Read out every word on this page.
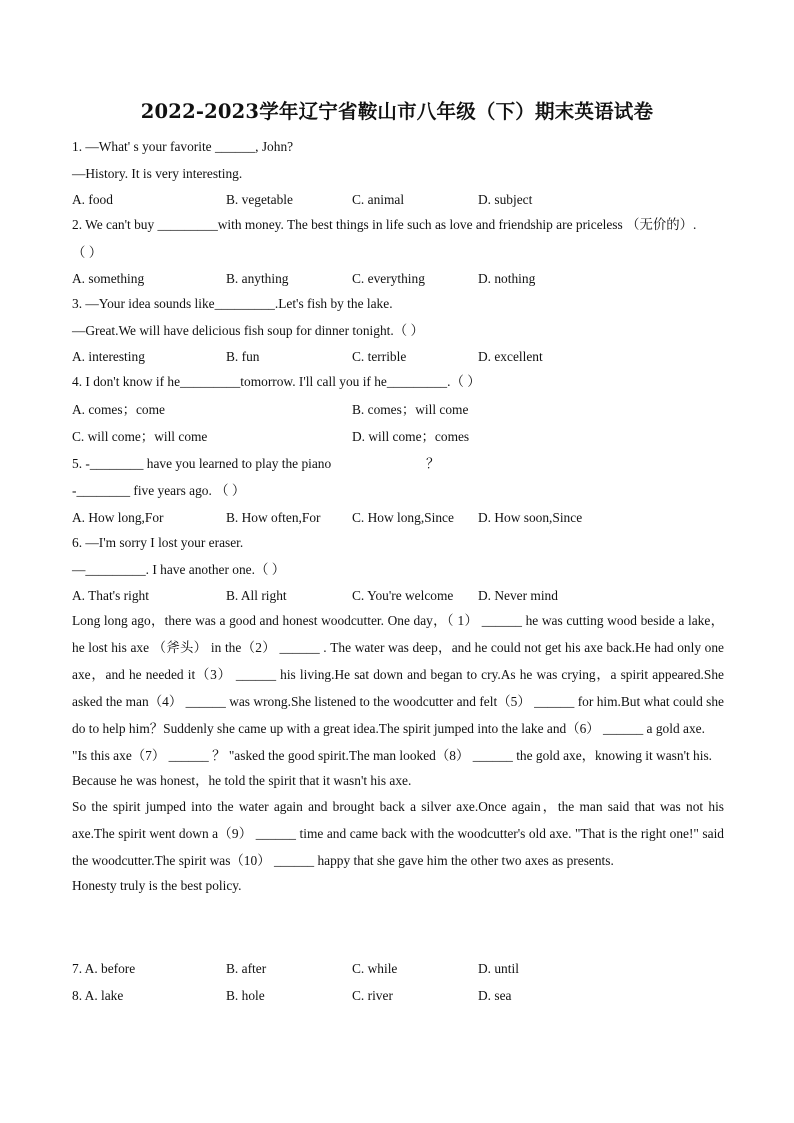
2022-2023学年辽宁省鞍山市八年级（下）期末英语试卷
1. —What' s your favorite ______, John?
—History. It is very interesting.
A. food	B. vegetable	C. animal	D. subject
2. We can't buy _________with money. The best things in life such as love and friendship are priceless （无价的）.
（ ）
A. something	B. anything	C. everything	D. nothing
3. —Your idea sounds like_________.Let's fish by the lake.
—Great.We will have delicious fish soup for dinner tonight.（ ）
A. interesting	B. fun	C. terrible	D. excellent
4. I don't know if he_________tomorrow. I'll call you if he_________.（ ）
A. comes；come	B. comes；will come
C. will come；will come	D. will come；comes
5. -________ have you learned to play the piano	？
-________ five years ago. （ ）
A. How long,For	B. How often,For C. How long,Since D. How soon,Since
6. —I'm sorry I lost your eraser.
—_________. I have another one.（ ）
A. That's right	B. All right	C. You're welcome D. Never mind

Long long ago，there was a good and honest woodcutter. One day，（ 1） ______ he was cutting wood beside a lake，he lost his axe （斧头） in the（2） ______ . The water was deep，and he could not get his axe back.He had only one axe，and he needed it（3） ______ his living.He sat down and began to cry.As he was crying，a spirit appeared.She asked the man（4） ______ was wrong.She listened to the woodcutter and felt（5） ______ for him.But what could she do to help him？Suddenly she came up with a great idea.The spirit jumped into the lake and（6） ______ a gold axe.

"Is this axe（7） ______ ？ "asked the good spirit.The man looked（8） ______ the gold axe，knowing it wasn't his.

Because he was honest，he told the spirit that it wasn't his axe.

So the spirit jumped into the water again and brought back a silver axe.Once again，the man said that was not his axe.The spirit went down a（9） ______ time and came back with the woodcutter's old axe. "That is the right one!" said the woodcutter.The spirit was（10） ______ happy that she gave him the other two axes as presents.

Honesty truly is the best policy.

7. A. before	B. after	C. while	D. until
8. A. lake	B. hole	C. river	D. sea
